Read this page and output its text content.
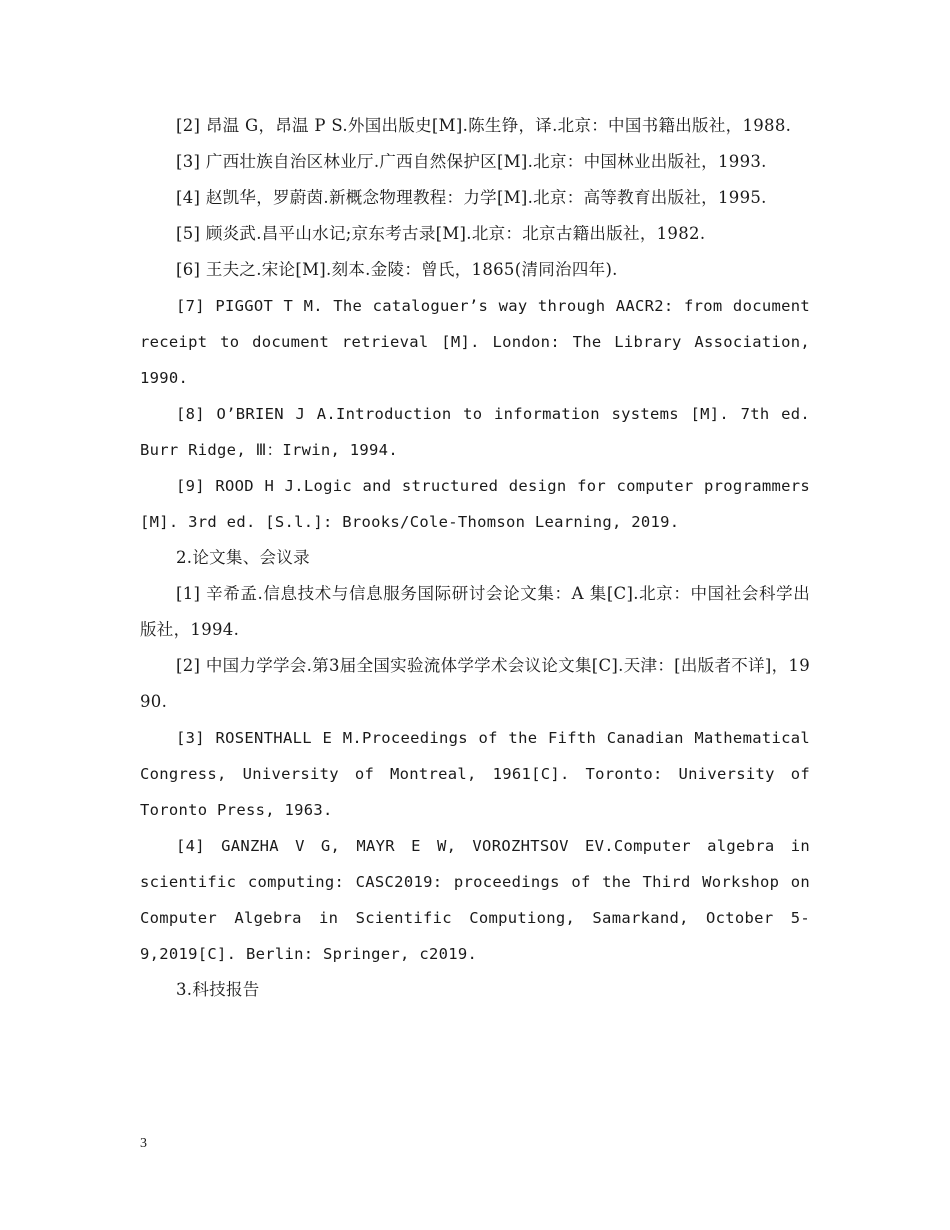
[2] 昂温 G，昂温 P S.外国出版史[M].陈生铮，译.北京：中国书籍出版社，1988.

[3] 广西壮族自治区林业厅.广西自然保护区[M].北京：中国林业出版社，1993.

[4] 赵凯华，罗蔚茵.新概念物理教程：力学[M].北京：高等教育出版社，1995.

[5] 顾炎武.昌平山水记;京东考古录[M].北京：北京古籍出版社，1982.

[6] 王夫之.宋论[M].刻本.金陵：曾氏，1865(清同治四年).

[7] PIGGOT T M. The cataloguer’s way through AACR2: from document receipt to document retrieval [M]. London: The Library Association, 1990.

[8] O’BRIEN J A.Introduction to information systems [M]. 7th ed. Burr Ridge, Ⅲ：Irwin, 1994.

[9] ROOD H J.Logic and structured design for computer programmers [M]. 3rd ed. [S.l.]: Brooks/Cole-Thomson Learning, 2019.

2.论文集、会议录

[1] 辛希孟.信息技术与信息服务国际研讨会论文集：A 集[C].北京：中国社会科学出版社，1994.

[2] 中国力学学会.第3届全国实验流体学学术会议论文集[C].天津：[出版者不详]，1990.

[3] ROSENTHALL E M.Proceedings of the Fifth Canadian Mathematical Congress, University of Montreal, 1961[C]. Toronto: University of Toronto Press, 1963.

[4] GANZHA V G, MAYR E W, VOROZHTSOV EV.Computer algebra in scientific computing: CASC2019: proceedings of the Third Workshop on Computer Algebra in Scientific Computiong, Samarkand, October 5-9,2019[C]. Berlin: Springer, c2019.

3.科技报告

3
